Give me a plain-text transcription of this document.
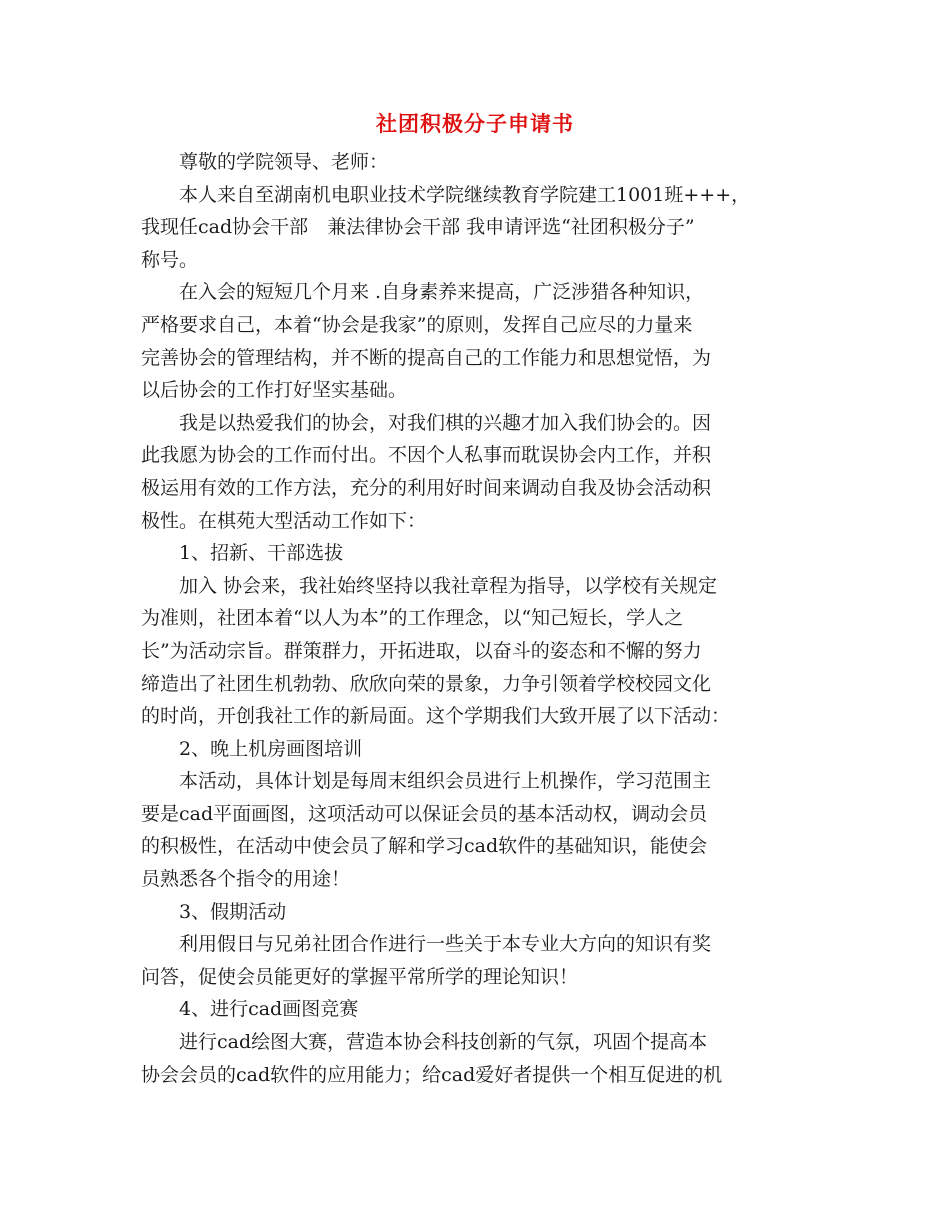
社团积极分子申请书
尊敬的学院领导、老师：
本人来自至湖南机电职业技术学院继续教育学院建工1001班+++，
我现任cad协会干部　兼法律协会干部 我申请评选“社团积极分子”
称号。
在入会的短短几个月来 .自身素养来提高，广泛涉猎各种知识，
严格要求自己，本着“协会是我家”的原则，发挥自己应尽的力量来
完善协会的管理结构，并不断的提高自己的工作能力和思想觉悟，为
以后协会的工作打好坚实基础。
我是以热爱我们的协会，对我们棋的兴趣才加入我们协会的。因
此我愿为协会的工作而付出。不因个人私事而耽误协会内工作，并积
极运用有效的工作方法，充分的利用好时间来调动自我及协会活动积
极性。在棋苑大型活动工作如下：
1、招新、干部选拔
加入 协会来，我社始终坚持以我社章程为指导，以学校有关规定
为准则，社团本着“以人为本”的工作理念，以“知己短长，学人之
长”为活动宗旨。群策群力，开拓进取，以奋斗的姿态和不懈的努力
缔造出了社团生机勃勃、欣欣向荣的景象，力争引领着学校校园文化
的时尚，开创我社工作的新局面。这个学期我们大致开展了以下活动：
2、晚上机房画图培训
本活动，具体计划是每周末组织会员进行上机操作，学习范围主
要是cad平面画图，这项活动可以保证会员的基本活动权，调动会员
的积极性，在活动中使会员了解和学习cad软件的基础知识，能使会
员熟悉各个指令的用途！
3、假期活动
利用假日与兄弟社团合作进行一些关于本专业大方向的知识有奖
问答，促使会员能更好的掌握平常所学的理论知识！
4、进行cad画图竞赛
进行cad绘图大赛，营造本协会科技创新的气氛，巩固个提高本
协会会员的cad软件的应用能力；给cad爱好者提供一个相互促进的机
